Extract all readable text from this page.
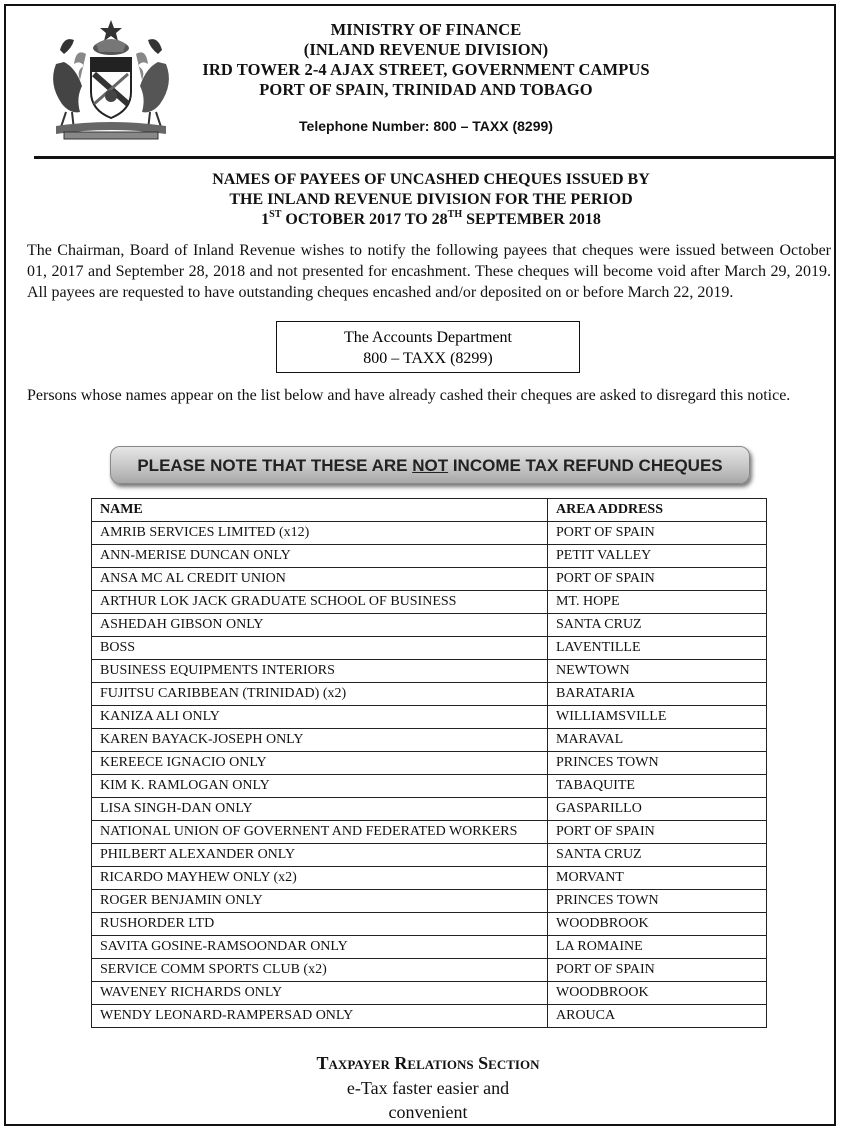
MINISTRY OF FINANCE
(INLAND REVENUE DIVISION)
IRD TOWER 2-4 AJAX STREET, GOVERNMENT CAMPUS
PORT OF SPAIN, TRINIDAD AND TOBAGO
Telephone Number: 800 – TAXX (8299)
NAMES OF PAYEES OF UNCASHED CHEQUES ISSUED BY
THE INLAND REVENUE DIVISION FOR THE PERIOD
1ST OCTOBER 2017 TO 28TH SEPTEMBER 2018
The Chairman, Board of Inland Revenue wishes to notify the following payees that cheques were issued between October 01, 2017 and September 28, 2018 and not presented for encashment. These cheques will become void after March 29, 2019. All payees are requested to have outstanding cheques encashed and/or deposited on or before March 22, 2019.
The Accounts Department
800 – TAXX (8299)
Persons whose names appear on the list below and have already cashed their cheques are asked to disregard this notice.
PLEASE NOTE THAT THESE ARE NOT INCOME TAX REFUND CHEQUES
NAME	AREA ADDRESS
AMRIB SERVICES LIMITED (x12)	PORT OF SPAIN
ANN-MERISE DUNCAN ONLY	PETIT VALLEY
ANSA MC AL CREDIT UNION	PORT OF SPAIN
ARTHUR LOK JACK GRADUATE SCHOOL OF BUSINESS	MT. HOPE
ASHEDAH GIBSON ONLY	SANTA CRUZ
BOSS	LAVENTILLE
BUSINESS EQUIPMENTS INTERIORS	NEWTOWN
FUJITSU CARIBBEAN (TRINIDAD) (x2)	BARATARIA
KANIZA ALI ONLY	WILLIAMSVILLE
KAREN BAYACK-JOSEPH ONLY	MARAVAL
KEREECE IGNACIO ONLY	PRINCES TOWN
KIM K. RAMLOGAN ONLY	TABAQUITE
LISA SINGH-DAN ONLY	GASPARILLO
NATIONAL UNION OF GOVERNENT AND FEDERATED WORKERS	PORT OF SPAIN
PHILBERT ALEXANDER ONLY	SANTA CRUZ
RICARDO MAYHEW ONLY (x2)	MORVANT
ROGER BENJAMIN ONLY	PRINCES TOWN
RUSHORDER LTD	WOODBROOK
SAVITA GOSINE-RAMSOONDAR ONLY	LA ROMAINE
SERVICE COMM SPORTS CLUB (x2)	PORT OF SPAIN
WAVENEY RICHARDS ONLY	WOODBROOK
WENDY LEONARD-RAMPERSAD ONLY	AROUCA
Taxpayer Relations Section
e-Tax faster easier and
convenient
